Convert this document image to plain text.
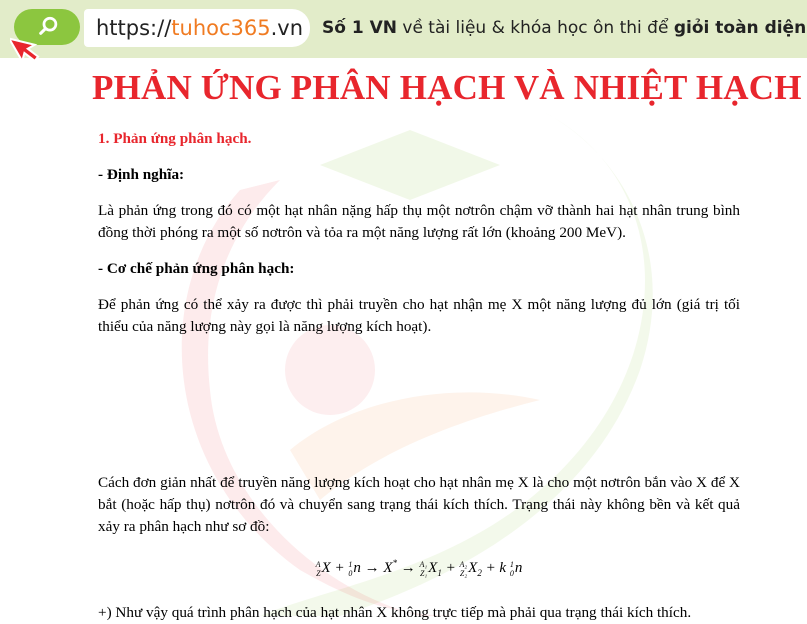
https:// tuhoc365 .vn Số 1 VN về tài liệu & khóa học ôn thi để giỏi toàn diện
PHẢN ỨNG PHÂN HẠCH VÀ NHIỆT HẠCH

1. Phản ứng phân hạch.

- Định nghĩa:

Là phản ứng trong đó có một hạt nhân nặng hấp thụ một nơtrôn chậm vỡ thành hai hạt nhân trung bình đồng thời phóng ra một số nơtrôn và tỏa ra một năng lượng rất lớn (khoảng 200 MeV).

- Cơ chế phản ứng phân hạch:

Để phản ứng có thể xảy ra được thì phải truyền cho hạt nhận mẹ X một năng lượng đủ lớn (giá trị tối thiểu của năng lượng này gọi là năng lượng kích hoạt).

Cách đơn giản nhất để truyền năng lượng kích hoạt cho hạt nhân mẹ X là cho một nơtrôn bắn vào X để X bắt (hoặc hấp thụ) nơtrôn đó và chuyển sang trạng thái kích thích. Trạng thái này không bền và kết quả xảy ra phân hạch như sơ đồ:

A
Z X + 1
0 n → X* → A₁
Z₁ $X_1 + A_2$
Z₂ $X_2 + k$ 1
0 n

+) Như vậy quá trình phân hạch của hạt nhân X không trực tiếp mà phải qua trạng thái kích thích.
